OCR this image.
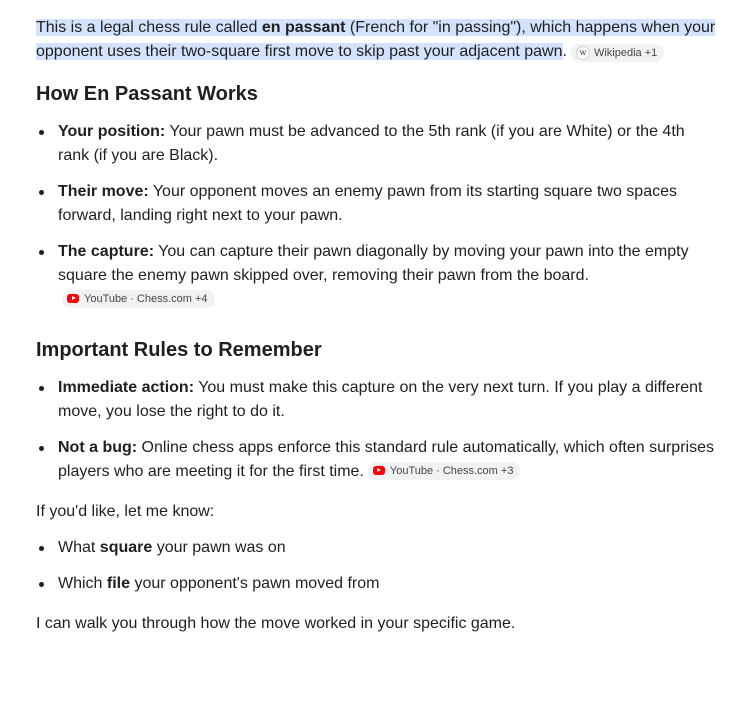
This is a legal chess rule called en passant (French for "in passing"), which happens when your opponent uses their two-square first move to skip past your adjacent pawn.	w Wikipedia
+1

How En Passant Works
Your position: Your pawn must be advanced to the 5th rank (if you are White) or the 4th rank (if you are Black).
Their move: Your opponent moves an enemy pawn from its starting square two spaces forward, landing right next to your pawn.
The capture: You can capture their pawn diagonally by moving your pawn into the empty square the enemy pawn skipped over, removing their pawn from the board.
YouTube · Chess.com
+4
Important Rules to Remember
Immediate action: You must make this capture on the very next turn. If you play a different move, you lose the right to do it.
Not a bug: Online chess apps enforce this standard rule automatically, which often surprises players who are meeting it for the first time. YouTube · Chess.com
+3

If you'd like, let me know:

What square your pawn was on
Which file your opponent's pawn moved from

I can walk you through how the move worked in your specific game.
